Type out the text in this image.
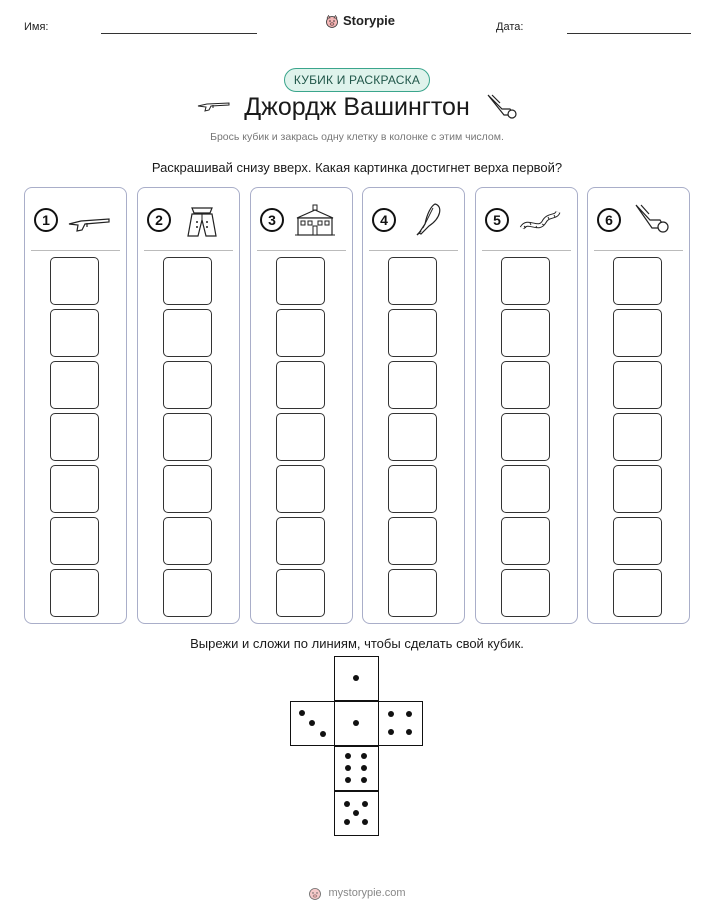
Имя:	Дата:
Storypie
КУБИК И РАСКРАСКА
Джордж Вашингтон
Брось кубик и закрась одну клетку в колонке с этим числом.
Раскрашивай снизу вверх. Какая картинка достигнет верха первой?
1	2	3	4	5	6
Вырежи и сложи по линиям, чтобы сделать свой кубик.
mystorypie.com
